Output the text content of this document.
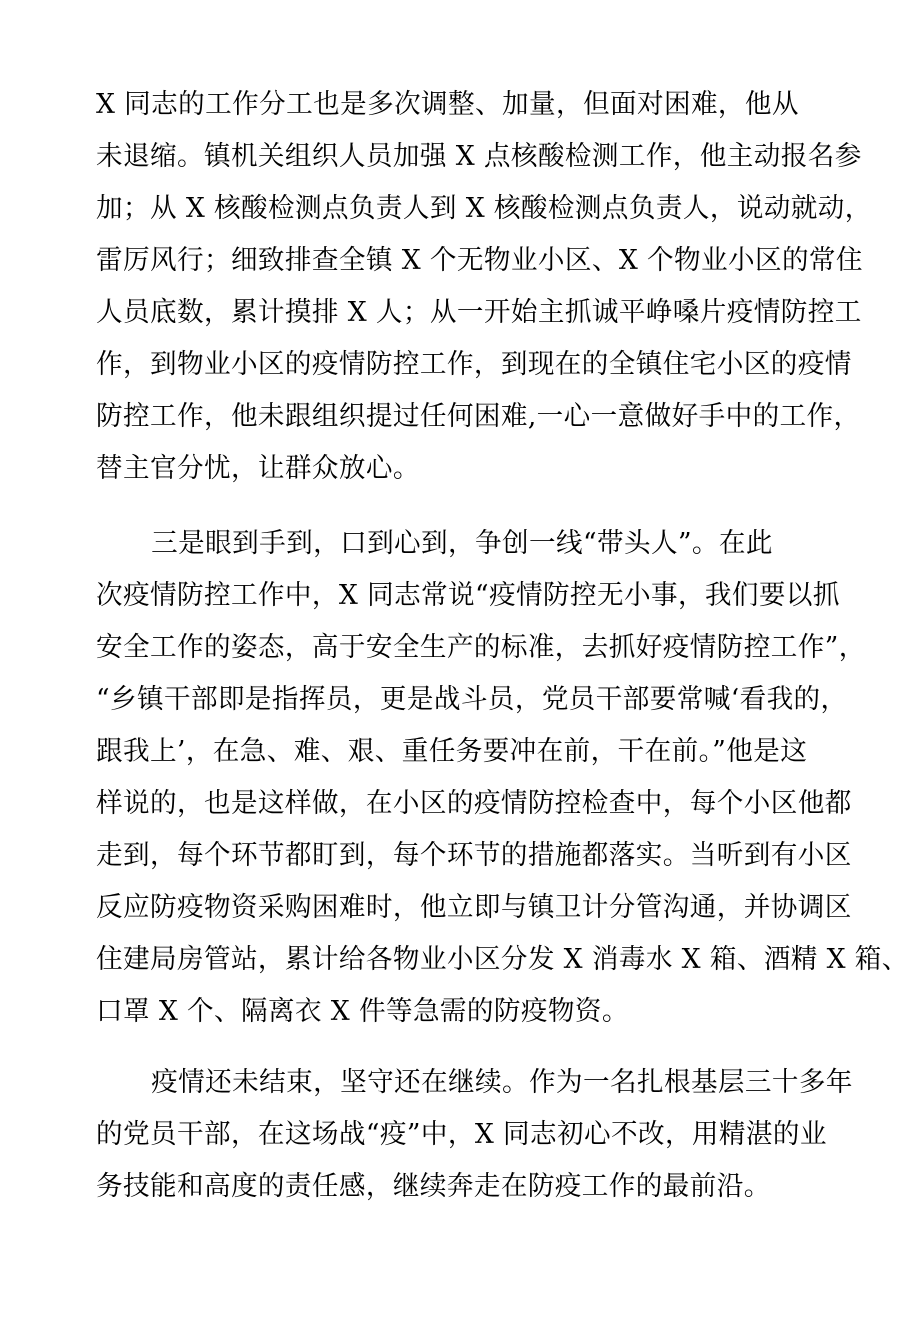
X 同志的工作分工也是多次调整、加量，但面对困难，他从
未退缩。镇机关组织人员加强 X 点核酸检测工作，他主动报名参
加；从 X 核酸检测点负责人到 X 核酸检测点负责人，说动就动，
雷厉风行；细致排查全镇 X 个无物业小区、X 个物业小区的常住
人员底数，累计摸排 X 人；从一开始主抓诚平峥嗓片疫情防控工
作，到物业小区的疫情防控工作，到现在的全镇住宅小区的疫情
防控工作，他未跟组织提过任何困难,一心一意做好手中的工作，
替主官分忧，让群众放心。
三是眼到手到，口到心到，争创一线“带头人”。在此
次疫情防控工作中，X 同志常说“疫情防控无小事，我们要以抓
安全工作的姿态，高于安全生产的标准，去抓好疫情防控工作”，
“乡镇干部即是指挥员，更是战斗员，党员干部要常喊‘看我的，
跟我上’，在急、难、艰、重任务要冲在前，干在前。”他是这
样说的，也是这样做，在小区的疫情防控检查中，每个小区他都
走到，每个环节都盯到，每个环节的措施都落实。当听到有小区
反应防疫物资采购困难时，他立即与镇卫计分管沟通，并协调区
住建局房管站，累计给各物业小区分发 X 消毒水 X 箱、酒精 X 箱、
口罩 X 个、隔离衣 X 件等急需的防疫物资。
疫情还未结束，坚守还在继续。作为一名扎根基层三十多年
的党员干部，在这场战“疫”中，X 同志初心不改，用精湛的业
务技能和高度的责任感，继续奔走在防疫工作的最前沿。
